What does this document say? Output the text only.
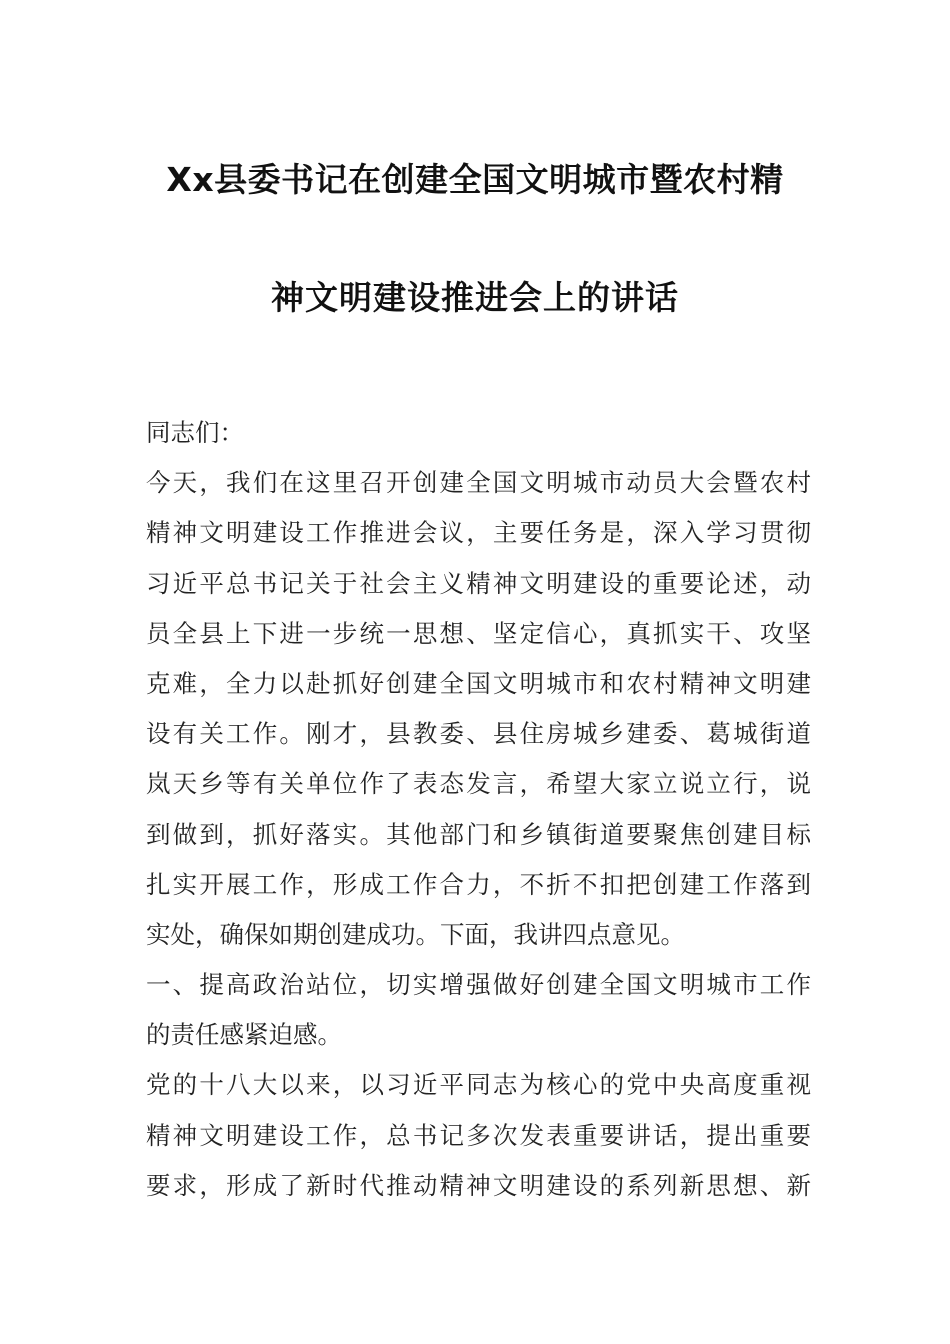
Xx县委书记在创建全国文明城市暨农村精
神文明建设推进会上的讲话
同志们：
今天，我们在这里召开创建全国文明城市动员大会暨农村
精神文明建设工作推进会议，主要任务是，深入学习贯彻
习近平总书记关于社会主义精神文明建设的重要论述，动
员全县上下进一步统一思想、坚定信心，真抓实干、攻坚
克难，全力以赴抓好创建全国文明城市和农村精神文明建
设有关工作。刚才，县教委、县住房城乡建委、葛城街道
岚天乡等有关单位作了表态发言，希望大家立说立行，说
到做到，抓好落实。其他部门和乡镇街道要聚焦创建目标
扎实开展工作，形成工作合力，不折不扣把创建工作落到
实处，确保如期创建成功。下面，我讲四点意见。
一、提高政治站位，切实增强做好创建全国文明城市工作
的责任感紧迫感。
党的十八大以来，以习近平同志为核心的党中央高度重视
精神文明建设工作，总书记多次发表重要讲话，提出重要
要求，形成了新时代推动精神文明建设的系列新思想、新
